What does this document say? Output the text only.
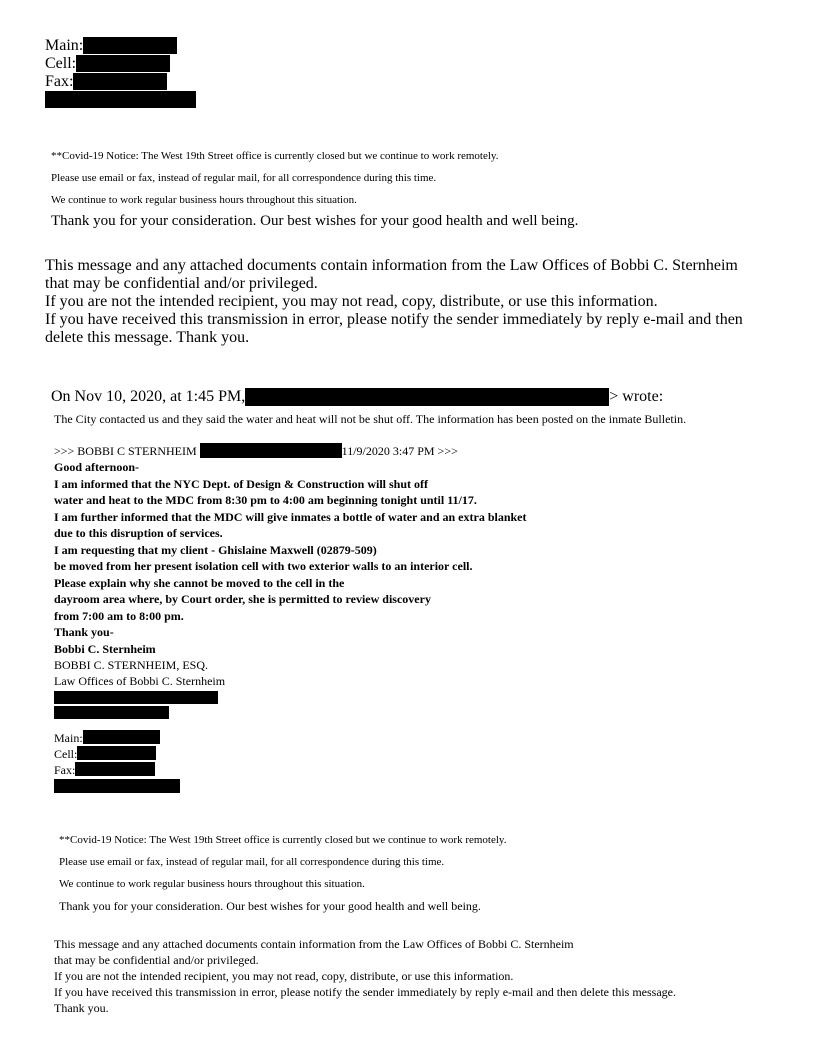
Main:
Cell:
Fax:
**Covid-19 Notice: The West 19th Street office is currently closed but we continue to work remotely.
Please use email or fax, instead of regular mail, for all correspondence during this time.
We continue to work regular business hours throughout this situation.
Thank you for your consideration. Our best wishes for your good health and well being.
This message and any attached documents contain information from the Law Offices of Bobbi C. Sternheim
that may be confidential and/or privileged.
If you are not the intended recipient, you may not read, copy, distribute, or use this information.
If you have received this transmission in error, please notify the sender immediately by reply e-mail and then
delete this message. Thank you.
On Nov 10, 2020, at 1:45 PM,	> wrote:
The City contacted us and they said the water and heat will not be shut off. The information has been posted on the inmate Bulletin.
>>> BOBBI C STERNHEIM	11/9/2020 3:47 PM >>>
Good afternoon-
I am informed that the NYC Dept. of Design & Construction will shut off
water and heat to the MDC from 8:30 pm to 4:00 am beginning tonight until 11/17.
I am further informed that the MDC will give inmates a bottle of water and an extra blanket
due to this disruption of services.
I am requesting that my client - Ghislaine Maxwell (02879-509)
be moved from her present isolation cell with two exterior walls to an interior cell.
Please explain why she cannot be moved to the cell in the
dayroom area where, by Court order, she is permitted to review discovery
from 7:00 am to 8:00 pm.
Thank you-
Bobbi C. Sternheim
BOBBI C. STERNHEIM, ESQ.
Law Offices of Bobbi C. Sternheim
Main:
Cell:
Fax:
**Covid-19 Notice: The West 19th Street office is currently closed but we continue to work remotely.
Please use email or fax, instead of regular mail, for all correspondence during this time.
We continue to work regular business hours throughout this situation.
Thank you for your consideration. Our best wishes for your good health and well being.
This message and any attached documents contain information from the Law Offices of Bobbi C. Sternheim
that may be confidential and/or privileged.
If you are not the intended recipient, you may not read, copy, distribute, or use this information.
If you have received this transmission in error, please notify the sender immediately by reply e-mail and then delete this message.
Thank you.
